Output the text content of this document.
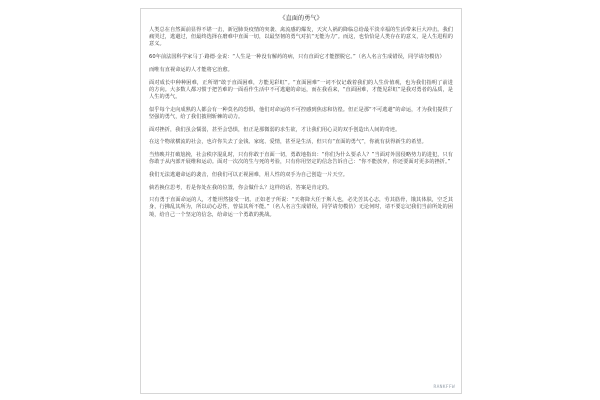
《直面的勇气》

人类总在自然面前显得不堪一击，新冠肺炎疫情的突袭、禽流感的爆发，天灾人祸的降临总给最平淡幸福的生活带来巨大冲击。我们痛哭过，逃避过，但最终选择在磨难中直面一切，以最坚韧的勇气对抗“无能为力”。而这，也恰恰是人类存在的意义，是人生进程的意义。

60年前法国科学家马丁·路德·金说：“人生是一种没有解药的病，只有直面它才能摆脱它。”（名人名言生成错误，同学请勿模仿）

而唯有直视命运的人才能将它治愈。

面对成长中种种困难，正所谓“敢于直面困难，方能见彩虹”。“直面困难”一词不仅记载着我们的人生价值观，也为我们指明了前进的方向。大多数人都习惯于把苦难的一面看作生活中不可逃避的命运，而在我看来，“直面困难，才能见彩虹”是我对勇者的品质，是人生的勇气。

似乎每个走向成熟的人都会有一种莫名的恐惧，他们对命运的不可控感到焦虑和彷徨。但正是那“不可逃避”的命运，才为我们提供了坚强的勇气，给了我们披荆斩棘的动力。

面对挫折，我们虽会懦弱，甚至会恐惧，但正是那微弱的求生欲，才让我们用心灵的双手创造出人间的奇迹。

在这个物欲横流的社会，也许你失去了金钱、家庭、爱情，甚至是生活，但只有“直面的勇气”，你就有获得新生的希望。

当热映并打破尬挽，社会秩序混乱时，只有你敢于直面一切，勇敢地指出：“你们为什么要杀人？”当面对外国侵略势力的进犯，只有你敢于从内部开展维和运动。面对一次次的生与死的考验，只有你用坚定的信念告诉自己：“你不能放弃，你还要面对更多的挫折。”

我们无法逃避命运的袭击，但我们可以正视困难，用人性的双手为自己创造一片天空。

倘若换位思考，若是你处在我的位置，你会做什么？这样的话，答案是肯定的。

只有勇于直面命运的人，才能坦然接受一切。正如老子所说：“天将降大任于斯人也，必先苦其心志，劳其筋骨，饿其体肤，空乏其身，行拂乱其所为，所以动心忍性，曾益其所不能。”（名人名言生成错误，同学请勿模仿）无论何时，请不要忘记我们当前所处的困境，给自己一个坚定的信念，给命运一个勇敢的挑战。

RANKFFW
